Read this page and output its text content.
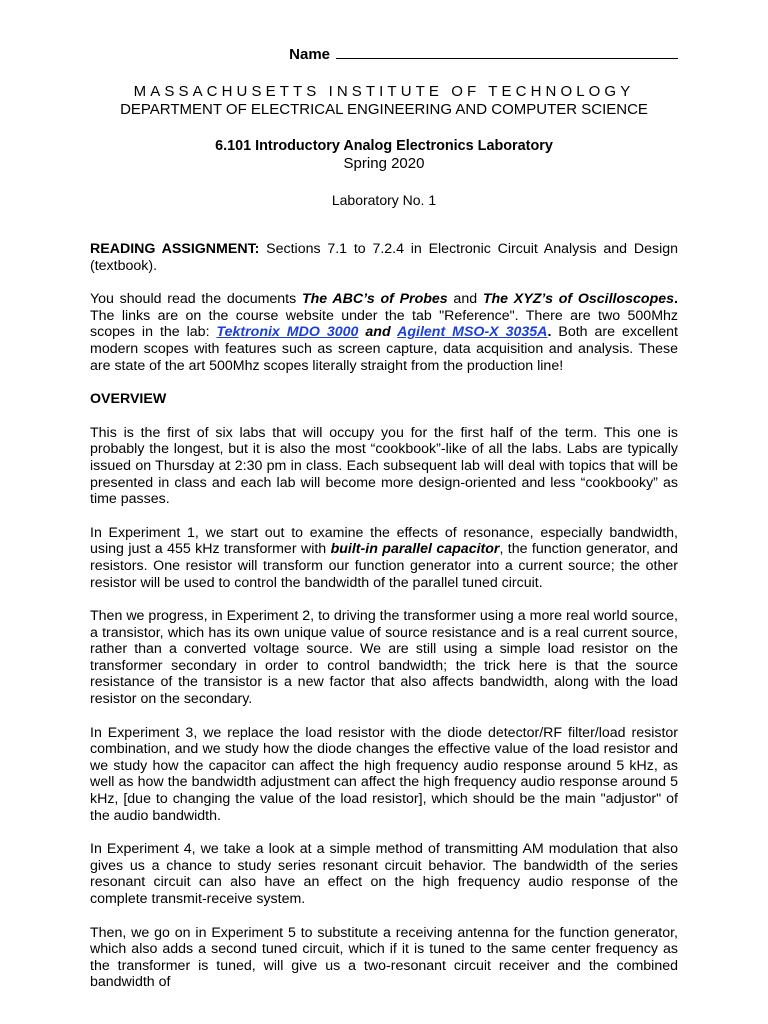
Name

MASSACHUSETTS INSTITUTE OF TECHNOLOGY

DEPARTMENT OF ELECTRICAL ENGINEERING AND COMPUTER SCIENCE

6.101 Introductory Analog Electronics Laboratory

Spring 2020

Laboratory No. 1

READING ASSIGNMENT: Sections 7.1 to 7.2.4 in Electronic Circuit Analysis and Design (textbook).

You should read the documents The ABC’s of Probes and The XYZ’s of Oscilloscopes. The links are on the course website under the tab "Reference". There are two 500Mhz scopes in the lab: Tektronix MDO 3000 and Agilent MSO-X 3035A. Both are excellent modern scopes with features such as screen capture, data acquisition and analysis. These are state of the art 500Mhz scopes literally straight from the production line!

OVERVIEW

This is the first of six labs that will occupy you for the first half of the term. This one is probably the longest, but it is also the most “cookbook”-like of all the labs. Labs are typically issued on Thursday at 2:30 pm in class. Each subsequent lab will deal with topics that will be presented in class and each lab will become more design-oriented and less “cookbooky” as time passes.

In Experiment 1, we start out to examine the effects of resonance, especially bandwidth, using just a 455 kHz transformer with built-in parallel capacitor, the function generator, and resistors. One resistor will transform our function generator into a current source; the other resistor will be used to control the bandwidth of the parallel tuned circuit.

Then we progress, in Experiment 2, to driving the transformer using a more real world source, a transistor, which has its own unique value of source resistance and is a real current source, rather than a converted voltage source. We are still using a simple load resistor on the transformer secondary in order to control bandwidth; the trick here is that the source resistance of the transistor is a new factor that also affects bandwidth, along with the load resistor on the secondary.

In Experiment 3, we replace the load resistor with the diode detector/RF filter/load resistor combination, and we study how the diode changes the effective value of the load resistor and we study how the capacitor can affect the high frequency audio response around 5 kHz, as well as how the bandwidth adjustment can affect the high frequency audio response around 5 kHz, [due to changing the value of the load resistor], which should be the main "adjustor" of the audio bandwidth.

In Experiment 4, we take a look at a simple method of transmitting AM modulation that also gives us a chance to study series resonant circuit behavior. The bandwidth of the series resonant circuit can also have an effect on the high frequency audio response of the complete transmit-receive system.

Then, we go on in Experiment 5 to substitute a receiving antenna for the function generator, which also adds a second tuned circuit, which if it is tuned to the same center frequency as the transformer is tuned, will give us a two-resonant circuit receiver and the combined bandwidth of
